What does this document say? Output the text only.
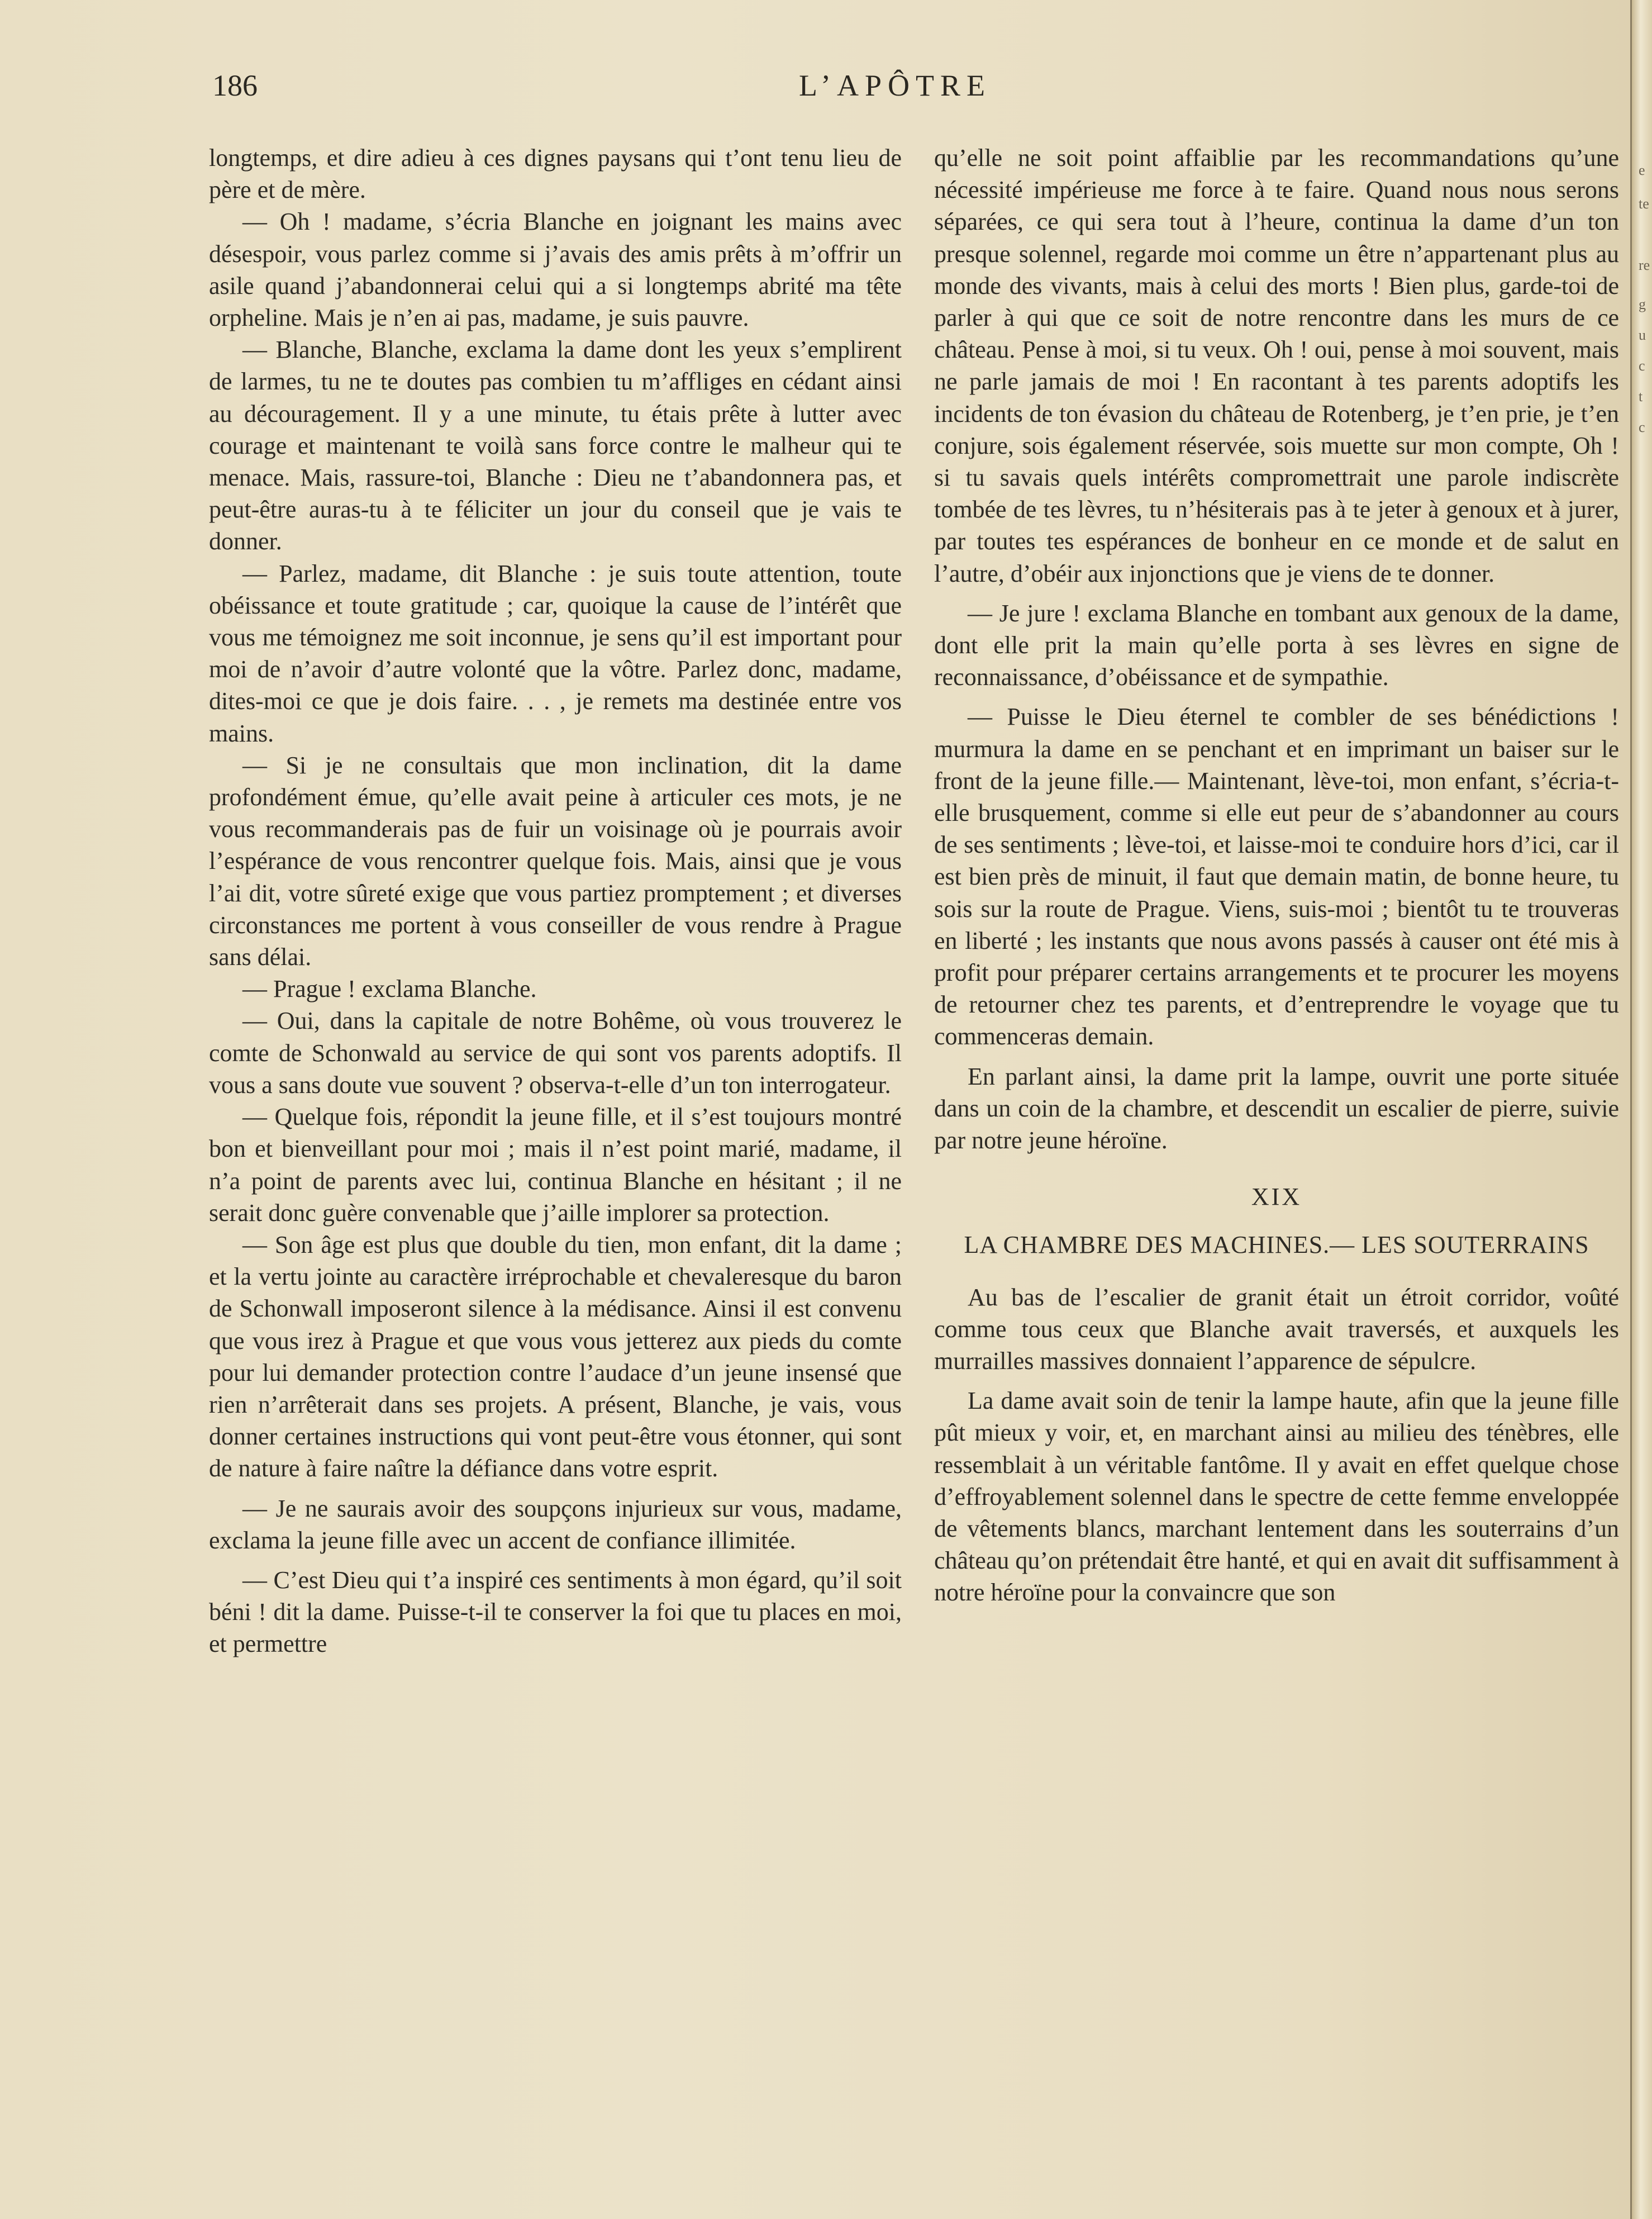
186	L’APÔTRE

longtemps, et dire adieu à ces dignes paysans qui t’ont tenu lieu de père et de mère.

— Oh ! madame, s’écria Blanche en joignant les mains avec désespoir, vous parlez comme si j’avais des amis prêts à m’offrir un asile quand j’abandonnerai celui qui a si longtemps abrité ma tête orpheline. Mais je n’en ai pas, madame, je suis pauvre.

— Blanche, Blanche, exclama la dame dont les yeux s’emplirent de larmes, tu ne te doutes pas combien tu m’affliges en cédant ainsi au découragement. Il y a une minute, tu étais prête à lutter avec courage et maintenant te voilà sans force contre le malheur qui te menace. Mais, rassure-toi, Blanche : Dieu ne t’abandonnera pas, et peut-être auras-tu à te féliciter un jour du conseil que je vais te donner.

— Parlez, madame, dit Blanche : je suis toute attention, toute obéissance et toute gratitude ; car, quoique la cause de l’intérêt que vous me témoignez me soit inconnue, je sens qu’il est important pour moi de n’avoir d’autre volonté que la vôtre. Parlez donc, madame, dites-moi ce que je dois faire. . . , je remets ma destinée entre vos mains.

— Si je ne consultais que mon inclination, dit la dame profondément émue, qu’elle avait peine à articuler ces mots, je ne vous recommanderais pas de fuir un voisinage où je pourrais avoir l’espérance de vous rencontrer quelque fois. Mais, ainsi que je vous l’ai dit, votre sûreté exige que vous partiez promptement ; et diverses circonstances me portent à vous conseiller de vous rendre à Prague sans délai.

— Prague ! exclama Blanche.

— Oui, dans la capitale de notre Bohême, où vous trouverez le comte de Schonwald au service de qui sont vos parents adoptifs. Il vous a sans doute vue souvent ? observa-t-elle d’un ton interrogateur.

— Quelque fois, répondit la jeune fille, et il s’est toujours montré bon et bienveillant pour moi ; mais il n’est point marié, madame, il n’a point de parents avec lui, continua Blanche en hésitant ; il ne serait donc guère convenable que j’aille implorer sa protection.

— Son âge est plus que double du tien, mon enfant, dit la dame ; et la vertu jointe au caractère irréprochable et chevaleresque du baron de Schonwall imposeront silence à la médisance. Ainsi il est convenu que vous irez à Prague et que vous vous jetterez aux pieds du comte pour lui demander protection contre l’audace d’un jeune insensé que rien n’arrêterait dans ses projets. A présent, Blanche, je vais, vous donner certaines instructions qui vont peut-être vous étonner, qui sont de nature à faire naître la défiance dans votre esprit.

— Je ne saurais avoir des soupçons injurieux sur vous, madame, exclama la jeune fille avec un accent de confiance illimitée.

— C’est Dieu qui t’a inspiré ces sentiments à mon égard, qu’il soit béni ! dit la dame. Puisse-t-il te conserver la foi que tu places en moi, et permettre

qu’elle ne soit point affaiblie par les recommandations qu’une nécessité impérieuse me force à te faire. Quand nous nous serons séparées, ce qui sera tout à l’heure, continua la dame d’un ton presque solennel, regarde moi comme un être n’appartenant plus au monde des vivants, mais à celui des morts ! Bien plus, garde-toi de parler à qui que ce soit de notre rencontre dans les murs de ce château. Pense à moi, si tu veux. Oh ! oui, pense à moi souvent, mais ne parle jamais de moi ! En racontant à tes parents adoptifs les incidents de ton évasion du château de Rotenberg, je t’en prie, je t’en conjure, sois également réservée, sois muette sur mon compte, Oh ! si tu savais quels intérêts compromettrait une parole indiscrète tombée de tes lèvres, tu n’hésiterais pas à te jeter à genoux et à jurer, par toutes tes espérances de bonheur en ce monde et de salut en l’autre, d’obéir aux injonctions que je viens de te donner.

— Je jure ! exclama Blanche en tombant aux genoux de la dame, dont elle prit la main qu’elle porta à ses lèvres en signe de reconnaissance, d’obéissance et de sympathie.

— Puisse le Dieu éternel te combler de ses bénédictions ! murmura la dame en se penchant et en imprimant un baiser sur le front de la jeune fille.— Maintenant, lève-toi, mon enfant, s’écria-t-elle brusquement, comme si elle eut peur de s’abandonner au cours de ses sentiments ; lève-toi, et laisse-moi te conduire hors d’ici, car il est bien près de minuit, il faut que demain matin, de bonne heure, tu sois sur la route de Prague. Viens, suis-moi ; bientôt tu te trouveras en liberté ; les instants que nous avons passés à causer ont été mis à profit pour préparer certains arrangements et te procurer les moyens de retourner chez tes parents, et d’entreprendre le voyage que tu commenceras demain.

En parlant ainsi, la dame prit la lampe, ouvrit une porte située dans un coin de la chambre, et descendit un escalier de pierre, suivie par notre jeune héroïne.

XIX
LA CHAMBRE DES MACHINES.— LES SOUTERRAINS

Au bas de l’escalier de granit était un étroit corridor, voûté comme tous ceux que Blanche avait traversés, et auxquels les murrailles massives donnaient l’apparence de sépulcre.

La dame avait soin de tenir la lampe haute, afin que la jeune fille pût mieux y voir, et, en marchant ainsi au milieu des ténèbres, elle ressemblait à un véritable fantôme. Il y avait en effet quelque chose d’effroyablement solennel dans le spectre de cette femme enveloppée de vêtements blancs, marchant lentement dans les souterrains d’un château qu’on prétendait être hanté, et qui en avait dit suffisamment à notre héroïne pour la convaincre que son

e
te
re
g
u
c
t
c
